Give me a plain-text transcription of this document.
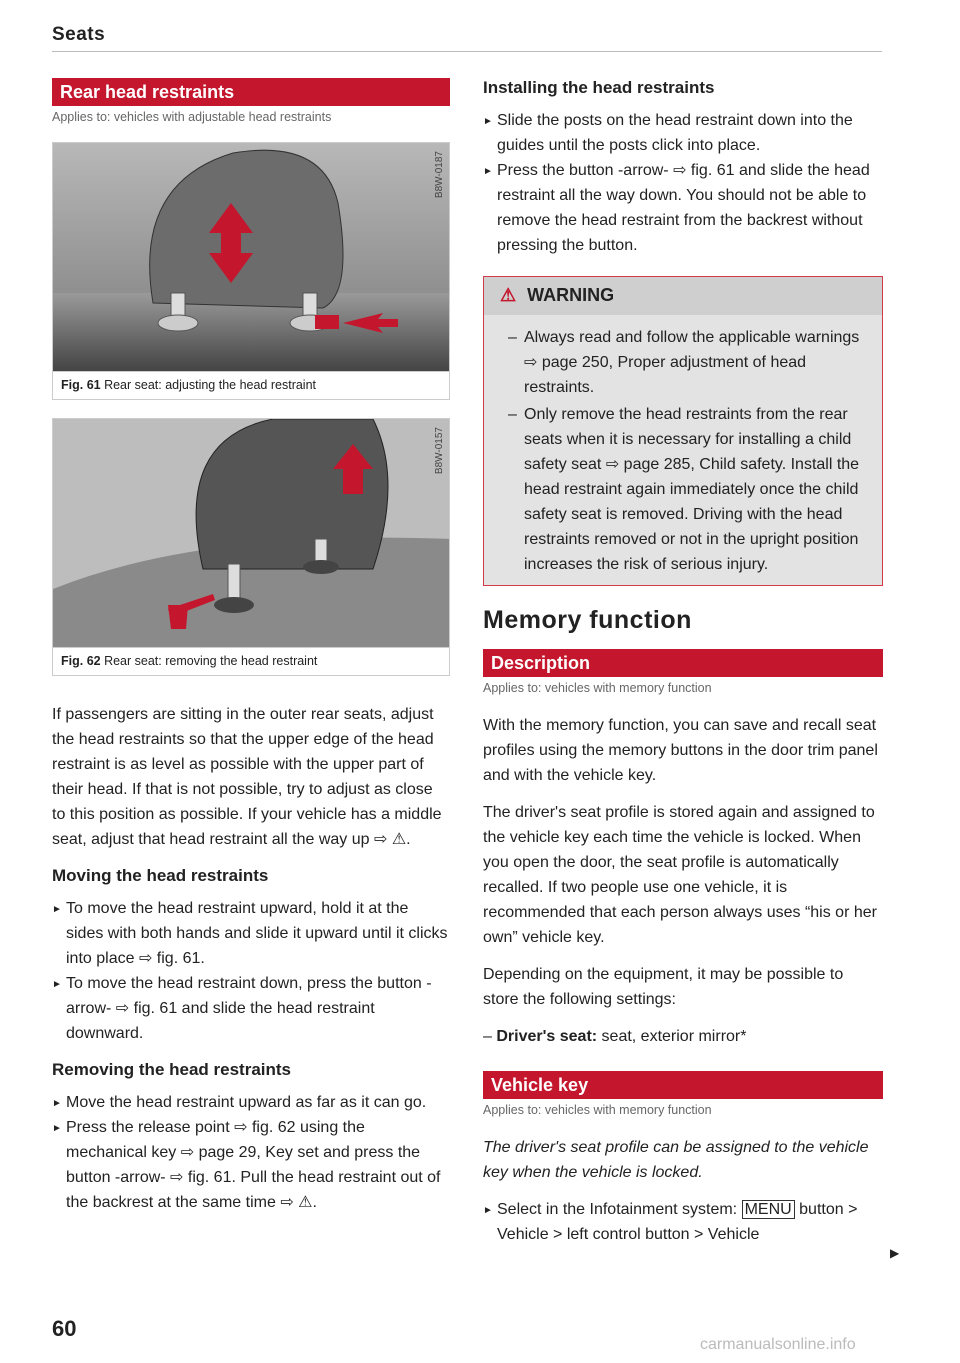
Seats
Rear head restraints
Applies to: vehicles with adjustable head restraints
B8W-0187
Fig. 61 Rear seat: adjusting the head restraint
B8W-0157
Fig. 62 Rear seat: removing the head restraint

If passengers are sitting in the outer rear seats, adjust the head restraints so that the upper edge of the head restraint is as level as possible with the upper part of their head. If that is not possible, try to adjust as close to this position as possible. If your vehicle has a middle seat, adjust that head restraint all the way up ⇨ ⚠.

Moving the head restraints
► To move the head restraint upward, hold it at the sides with both hands and slide it upward until it clicks into place ⇨ fig. 61.
► To move the head restraint down, press the button -arrow- ⇨ fig. 61 and slide the head restraint downward.
Removing the head restraints
► Move the head restraint upward as far as it can go.
► Press the release point ⇨ fig. 62 using the mechanical key ⇨ page 29, Key set and press the button -arrow- ⇨ fig. 61. Pull the head restraint out of the backrest at the same time ⇨ ⚠.
Installing the head restraints
► Slide the posts on the head restraint down into the guides until the posts click into place.
► Press the button -arrow- ⇨ fig. 61 and slide the head restraint all the way down. You should not be able to remove the head restraint from the backrest without pressing the button.
⚠ WARNING
– Always read and follow the applicable warnings ⇨ page 250, Proper adjustment of head restraints.
– Only remove the head restraints from the rear seats when it is necessary for installing a child safety seat ⇨ page 285, Child safety. Install the head restraint again immediately once the child safety seat is removed. Driving with the head restraints removed or not in the upright position increases the risk of serious injury.
Memory function
Description
Applies to: vehicles with memory function

With the memory function, you can save and recall seat profiles using the memory buttons in the door trim panel and with the vehicle key.

The driver's seat profile is stored again and assigned to the vehicle key each time the vehicle is locked. When you open the door, the seat profile is automatically recalled. If two people use one vehicle, it is recommended that each person always uses “his or her own” vehicle key.

Depending on the equipment, it may be possible to store the following settings:

– Driver's seat: seat, exterior mirror*

Vehicle key
Applies to: vehicles with memory function

The driver's seat profile can be assigned to the vehicle key when the vehicle is locked.

► Select in the Infotainment system: MENU button > Vehicle > left control button > Vehicle
▶
60
carmanualsonline.info
